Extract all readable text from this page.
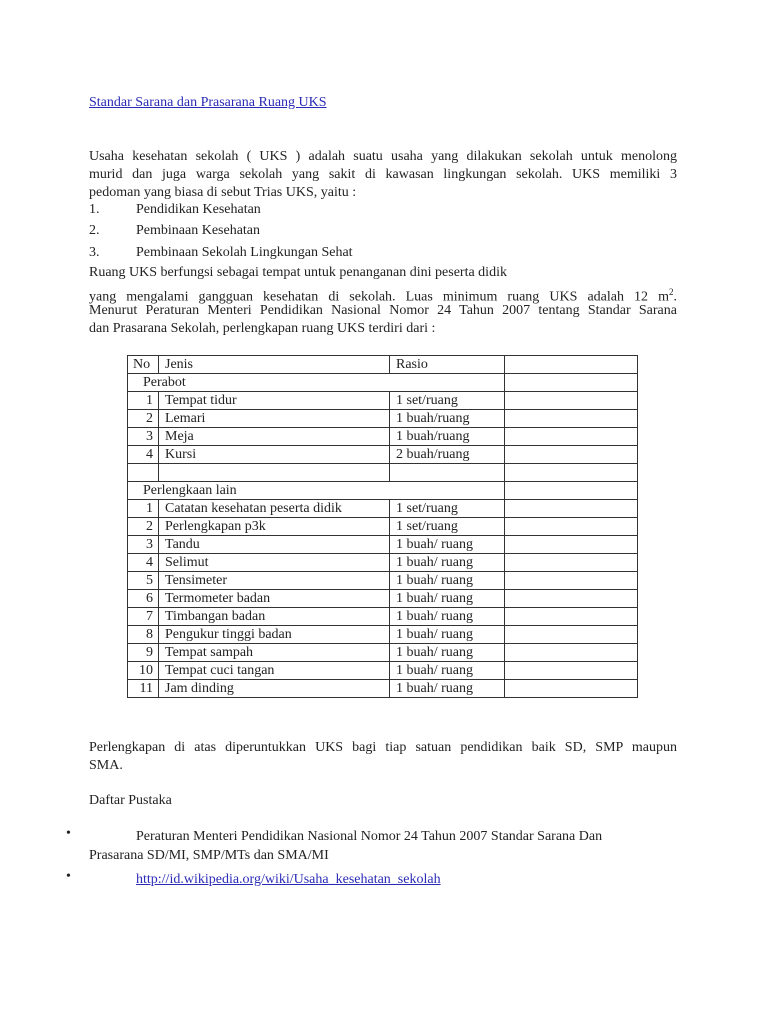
Standar Sarana dan Prasarana Ruang UKS
Usaha kesehatan sekolah ( UKS ) adalah suatu usaha yang dilakukan sekolah untuk menolong
murid dan juga warga sekolah yang sakit di kawasan lingkungan sekolah. UKS memiliki 3
pedoman yang biasa di sebut Trias UKS, yaitu :
1.	Pendidikan Kesehatan
2.	Pembinaan Kesehatan
3.	Pembinaan Sekolah Lingkungan Sehat
Ruang UKS berfungsi sebagai tempat untuk penanganan dini peserta didik
yang mengalami gangguan kesehatan di sekolah. Luas minimum ruang UKS adalah 12 $m^2$.
Menurut Peraturan Menteri Pendidikan Nasional Nomor 24 Tahun 2007 tentang Standar Sarana
dan Prasarana Sekolah, perlengkapan ruang UKS terdiri dari :
No	Jenis	Rasio	
Perabot			
1	Tempat tidur	1 set/ruang	
2	Lemari	1 buah/ruang	
3	Meja	1 buah/ruang	
4	Kursi	2 buah/ruang	

Perlengkaan lain			
1	Catatan kesehatan peserta didik	1 set/ruang	
2	Perlengkapan p3k	1 set/ruang	
3	Tandu	1 buah/ ruang	
4	Selimut	1 buah/ ruang	
5	Tensimeter	1 buah/ ruang	
6	Termometer badan	1 buah/ ruang	
7	Timbangan badan	1 buah/ ruang	
8	Pengukur tinggi badan	1 buah/ ruang	
9	Tempat sampah	1 buah/ ruang	
10	Tempat cuci tangan	1 buah/ ruang	
11	Jam dinding	1 buah/ ruang	
Perlengkapan di atas diperuntukkan UKS bagi tiap satuan pendidikan baik SD, SMP maupun
SMA.
Daftar Pustaka
•	Peraturan Menteri Pendidikan Nasional Nomor 24 Tahun 2007 Standar Sarana Dan
Prasarana SD/MI, SMP/MTs dan SMA/MI
•	http://id.wikipedia.org/wiki/Usaha_kesehatan_sekolah
